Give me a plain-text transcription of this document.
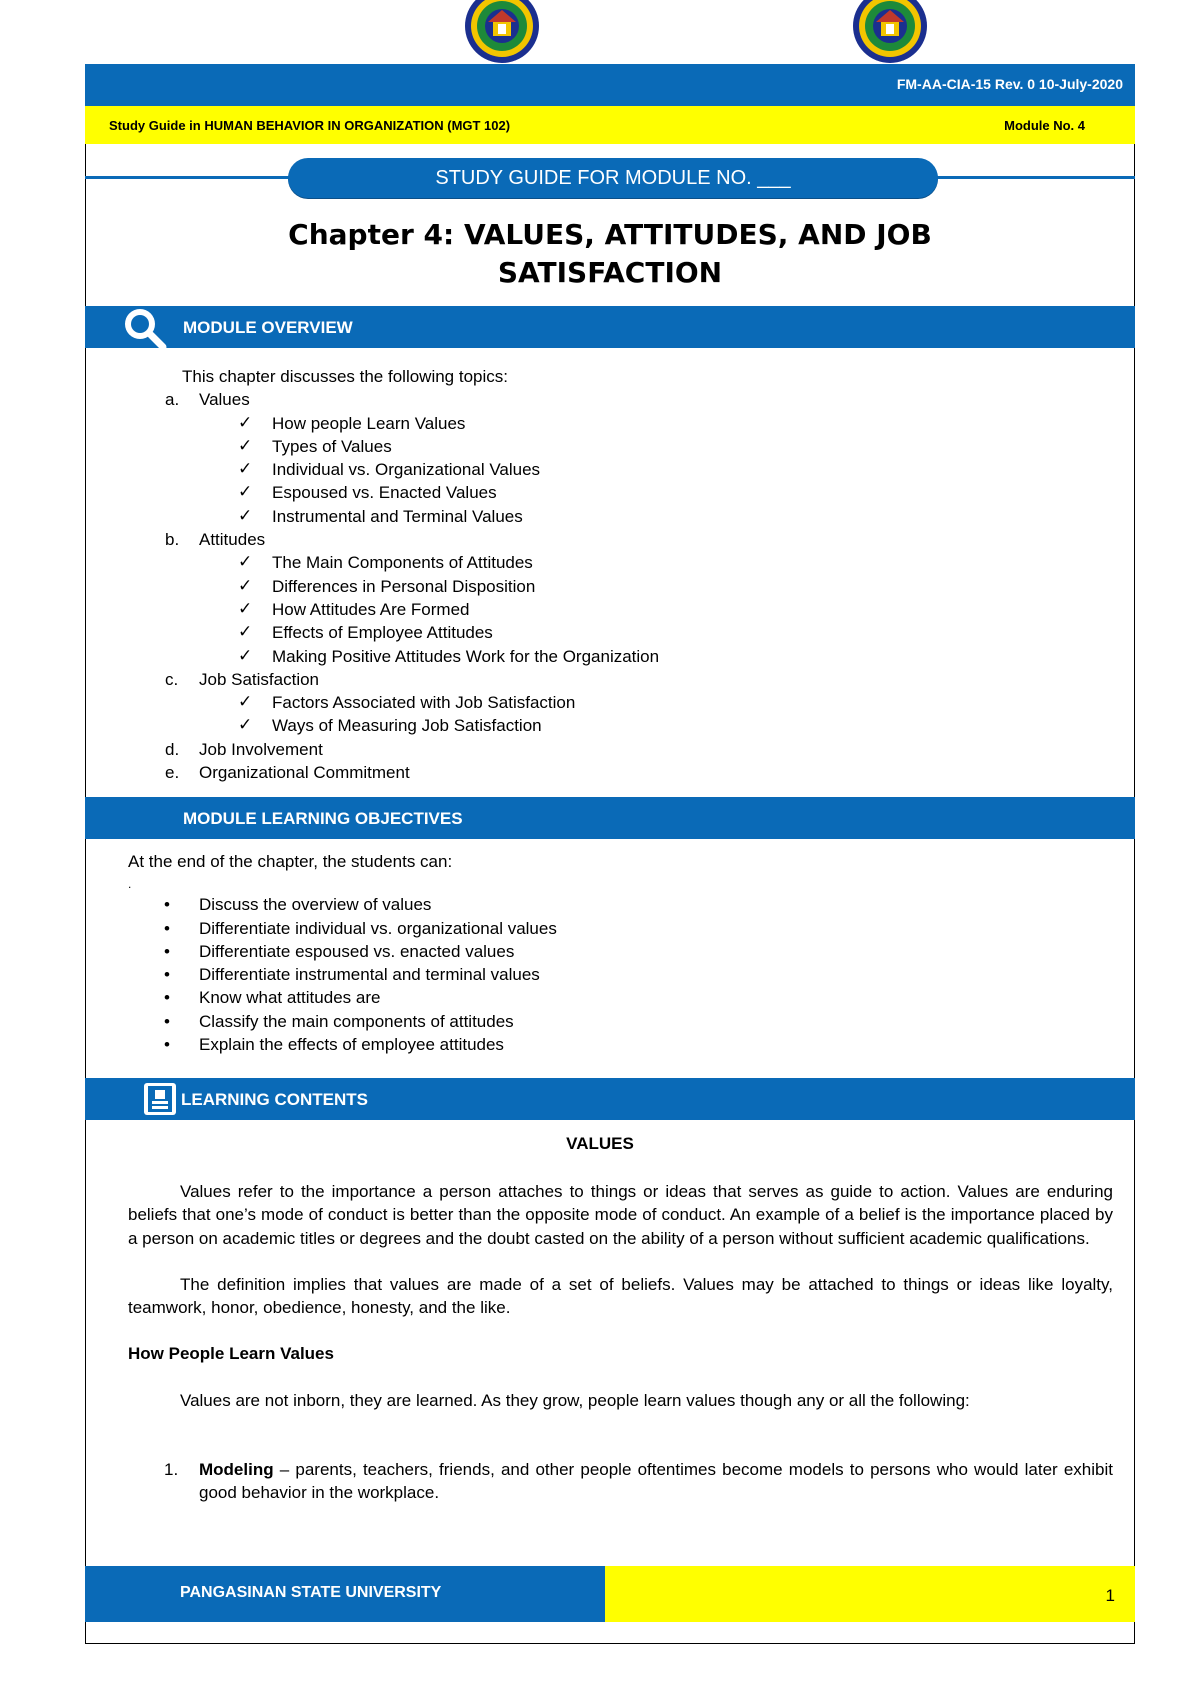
FM-AA-CIA-15 Rev. 0 10-July-2020
Study Guide in HUMAN BEHAVIOR IN ORGANIZATION (MGT 102)	Module No. 4
STUDY GUIDE FOR MODULE NO. ___
Chapter 4: VALUES, ATTITUDES, AND JOB
SATISFACTION
MODULE OVERVIEW
This chapter discusses the following topics:
a. Values
✓ How people Learn Values
✓ Types of Values
✓ Individual vs. Organizational Values
✓ Espoused vs. Enacted Values
✓ Instrumental and Terminal Values
b. Attitudes
✓ The Main Components of Attitudes
✓ Differences in Personal Disposition
✓ How Attitudes Are Formed
✓ Effects of Employee Attitudes
✓ Making Positive Attitudes Work for the Organization
c. Job Satisfaction
✓ Factors Associated with Job Satisfaction
✓ Ways of Measuring Job Satisfaction
d. Job Involvement
e. Organizational Commitment
MODULE LEARNING OBJECTIVES
At the end of the chapter, the students can:
.
• Discuss the overview of values
• Differentiate individual vs. organizational values
• Differentiate espoused vs. enacted values
• Differentiate instrumental and terminal values
• Know what attitudes are
• Classify the main components of attitudes
• Explain the effects of employee attitudes
LEARNING CONTENTS
VALUES
Values refer to the importance a person attaches to things or ideas that serves as guide to action. Values are enduring beliefs that one’s mode of conduct is better than the opposite mode of conduct. An example of a belief is the importance placed by a person on academic titles or degrees and the doubt casted on the ability of a person without sufficient academic qualifications.
The definition implies that values are made of a set of beliefs. Values may be attached to things or ideas like loyalty, teamwork, honor, obedience, honesty, and the like.
How People Learn Values
Values are not inborn, they are learned. As they grow, people learn values though any or all the following:
1. Modeling – parents, teachers, friends, and other people oftentimes become models to persons who would later exhibit good behavior in the workplace.
PANGASINAN STATE UNIVERSITY	1
